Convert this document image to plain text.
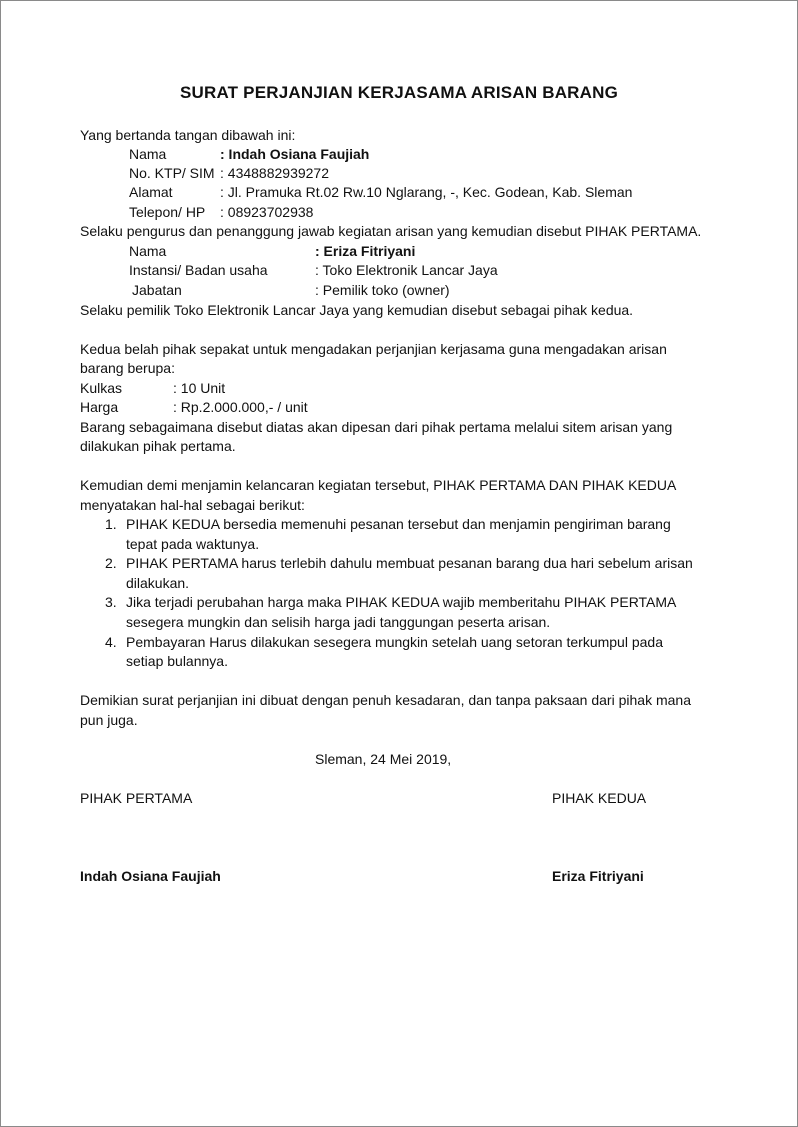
SURAT PERJANJIAN KERJASAMA ARISAN BARANG
Yang bertanda tangan dibawah ini:
Nama	: Indah Osiana Faujiah
No. KTP/ SIM : 4348882939272
Alamat	: Jl. Pramuka Rt.02 Rw.10 Nglarang, -, Kec. Godean, Kab. Sleman
Telepon/ HP : 08923702938
Selaku pengurus dan penanggung jawab kegiatan arisan yang kemudian disebut PIHAK PERTAMA.
Nama	: Eriza Fitriyani
Instansi/ Badan usaha	: Toko Elektronik Lancar Jaya
Jabatan	: Pemilik toko (owner)
Selaku pemilik Toko Elektronik Lancar Jaya yang kemudian disebut sebagai pihak kedua.
Kedua belah pihak sepakat untuk mengadakan perjanjian kerjasama guna mengadakan arisan
barang berupa:
Kulkas	: 10 Unit
Harga	: Rp.2.000.000,- / unit
Barang sebagaimana disebut diatas akan dipesan dari pihak pertama melalui sitem arisan yang
dilakukan pihak pertama.
Kemudian demi menjamin kelancaran kegiatan tersebut, PIHAK PERTAMA DAN PIHAK KEDUA
menyatakan hal-hal sebagai berikut:
1. PIHAK KEDUA bersedia memenuhi pesanan tersebut dan menjamin pengiriman barang
tepat pada waktunya.
2. PIHAK PERTAMA harus terlebih dahulu membuat pesanan barang dua hari sebelum arisan
dilakukan.
3. Jika terjadi perubahan harga maka PIHAK KEDUA wajib memberitahu PIHAK PERTAMA
sesegera mungkin dan selisih harga jadi tanggungan peserta arisan.
4. Pembayaran Harus dilakukan sesegera mungkin setelah uang setoran terkumpul pada
setiap bulannya.
Demikian surat perjanjian ini dibuat dengan penuh kesadaran, dan tanpa paksaan dari pihak mana
pun juga.
Sleman, 24 Mei 2019,
PIHAK PERTAMA	PIHAK KEDUA
Indah Osiana Faujiah	Eriza Fitriyani
